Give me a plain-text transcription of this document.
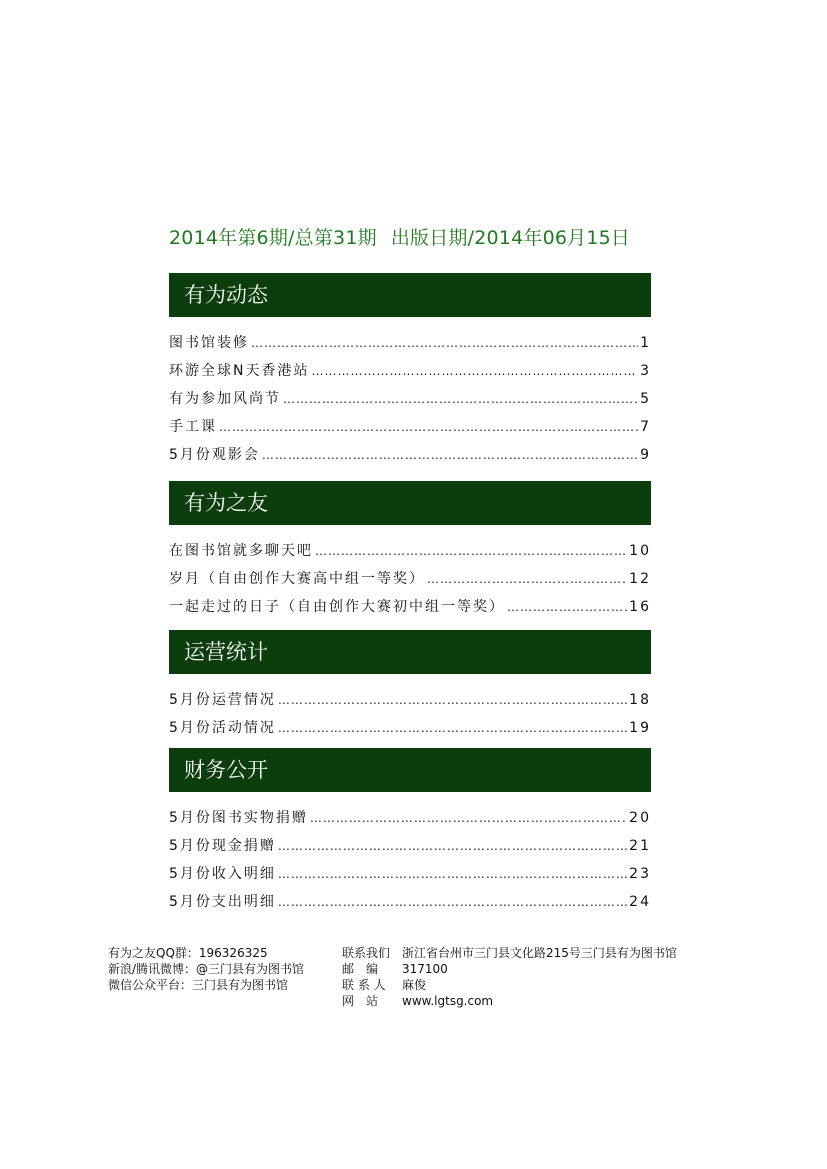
2014年第6期/总第31期 出版日期/2014年06月15日
有为动态
图书馆装修 …………………………………………………………………………………………………………………………………………………………………………………………	1
环游全球N天香港站 …………………………………………………………………………………………………………………………………………………………………………………………	3
有为参加风尚节 …………………………………………………………………………………………………………………………………………………………………………………………	5
手工课 …………………………………………………………………………………………………………………………………………………………………………………………	7
5月份观影会 …………………………………………………………………………………………………………………………………………………………………………………………	9
有为之友
在图书馆就多聊天吧 …………………………………………………………………………………………………………………………………………………………………………………………	10
岁月（自由创作大赛高中组一等奖） …………………………………………………………………………………………………………………………………………………………………………………………	12
一起走过的日子（自由创作大赛初中组一等奖） …………………………………………………………………………………………………………………………………………………………………………………………	16
运营统计
5月份运营情况 …………………………………………………………………………………………………………………………………………………………………………………………	18
5月份活动情况 …………………………………………………………………………………………………………………………………………………………………………………………	19
财务公开
5月份图书实物捐赠 …………………………………………………………………………………………………………………………………………………………………………………………	20
5月份现金捐赠 …………………………………………………………………………………………………………………………………………………………………………………………	21
5月份收入明细 …………………………………………………………………………………………………………………………………………………………………………………………	23
5月份支出明细 …………………………………………………………………………………………………………………………………………………………………………………………	24
有为之友QQ群：196326325
新浪/腾讯微博：@三门县有为图书馆
微信公众平台：三门县有为图书馆
联系我们 浙江省台州市三门县文化路215号三门县有为图书馆
邮　编	317100
联 系 人	麻俊
网　站	www.lgtsg.com
